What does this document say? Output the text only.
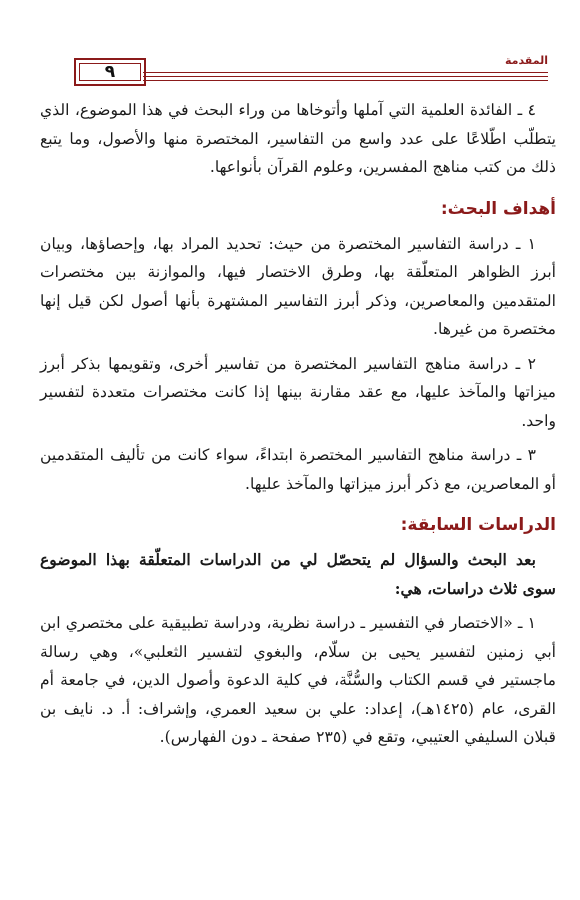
٩
المقدمة

٤ ـ الفائدة العلمية التي آملها وأتوخاها من وراء البحث في هذا الموضوع، الذي يتطلّب اطّلاعًا على عدد واسع من التفاسير، المختصرة منها والأصول، وما يتبع ذلك من كتب مناهج المفسرين، وعلوم القرآن بأنواعها.

أهداف البحث:

١ ـ دراسة التفاسير المختصرة من حيث: تحديد المراد بها، وإحصاؤها، وبيان أبرز الظواهر المتعلّقة بها، وطرق الاختصار فيها، والموازنة بين مختصرات المتقدمين والمعاصرين، وذكر أبرز التفاسير المشتهرة بأنها أصول لكن قيل إنها مختصرة من غيرها.

٢ ـ دراسة مناهج التفاسير المختصرة من تفاسير أخرى، وتقويمها بذكر أبرز ميزاتها والمآخذ عليها، مع عقد مقارنة بينها إذا كانت مختصرات متعددة لتفسير واحد.

٣ ـ دراسة مناهج التفاسير المختصرة ابتداءً، سواء كانت من تأليف المتقدمين أو المعاصرين، مع ذكر أبرز ميزاتها والمآخذ عليها.

الدراسات السابقة:

بعد البحث والسؤال لم يتحصّل لي من الدراسات المتعلّقة بهذا الموضوع سوى ثلاث دراسات، هي:

١ ـ «الاختصار في التفسير ـ دراسة نظرية، ودراسة تطبيقية على مختصري ابن أبي زمنين لتفسير يحيى بن سلّام، والبغوي لتفسير الثعلبي»، وهي رسالة ماجستير في قسم الكتاب والسُّنَّة، في كلية الدعوة وأصول الدين، في جامعة أم القرى، عام (١٤٢٥هـ)، إعداد: علي بن سعيد العمري، وإشراف: أ. د. نايف بن قبلان السليفي العتيبي، وتقع في (٢٣٥ صفحة ـ دون الفهارس).
